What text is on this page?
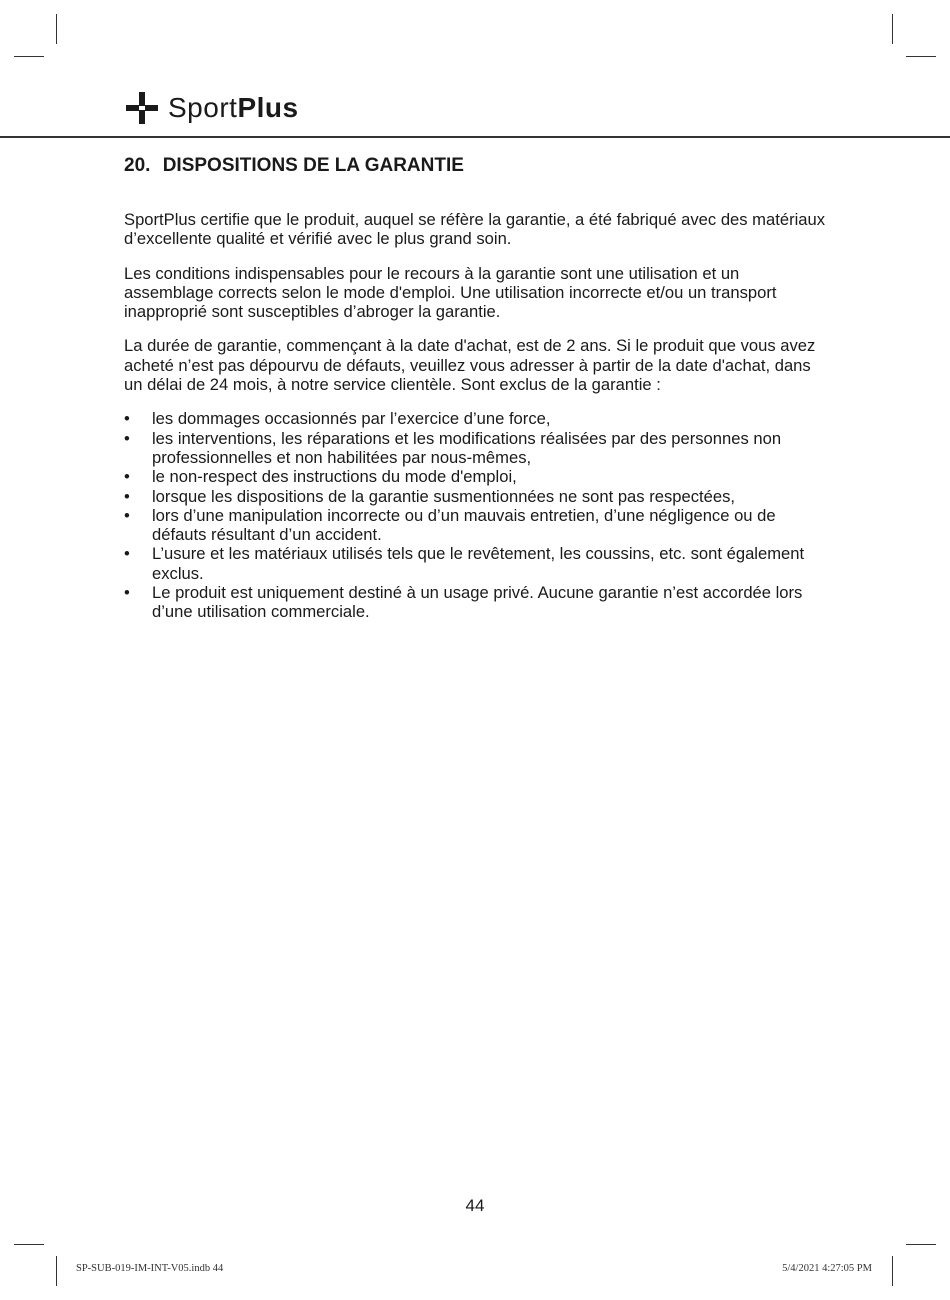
SportPlus
20. DISPOSITIONS DE LA GARANTIE

SportPlus certifie que le produit, auquel se réfère la garantie, a été fabriqué avec des matériaux d’excellente qualité et vérifié avec le plus grand soin.

Les conditions indispensables pour le recours à la garantie sont une utilisation et un assemblage corrects selon le mode d'emploi. Une utilisation incorrecte et/ou un transport inapproprié sont susceptibles d’abroger la garantie.

La durée de garantie, commençant à la date d'achat, est de 2 ans. Si le produit que vous avez acheté n’est pas dépourvu de défauts, veuillez vous adresser à partir de la date d'achat, dans un délai de 24 mois, à notre service clientèle. Sont exclus de la garantie :

• les dommages occasionnés par l’exercice d’une force,
• les interventions, les réparations et les modifications réalisées par des personnes non professionnelles et non habilitées par nous-mêmes,
• le non-respect des instructions du mode d'emploi,
• lorsque les dispositions de la garantie susmentionnées ne sont pas respectées,
• lors d’une manipulation incorrecte ou d’un mauvais entretien, d’une négligence ou de défauts résultant d’un accident.
• L’usure et les matériaux utilisés tels que le revêtement, les coussins, etc. sont également exclus.
• Le produit est uniquement destiné à un usage privé. Aucune garantie n’est accordée lors d’une utilisation commerciale.
44
SP-SUB-019-IM-INT-V05.indb 44	5/4/2021 4:27:05 PM
